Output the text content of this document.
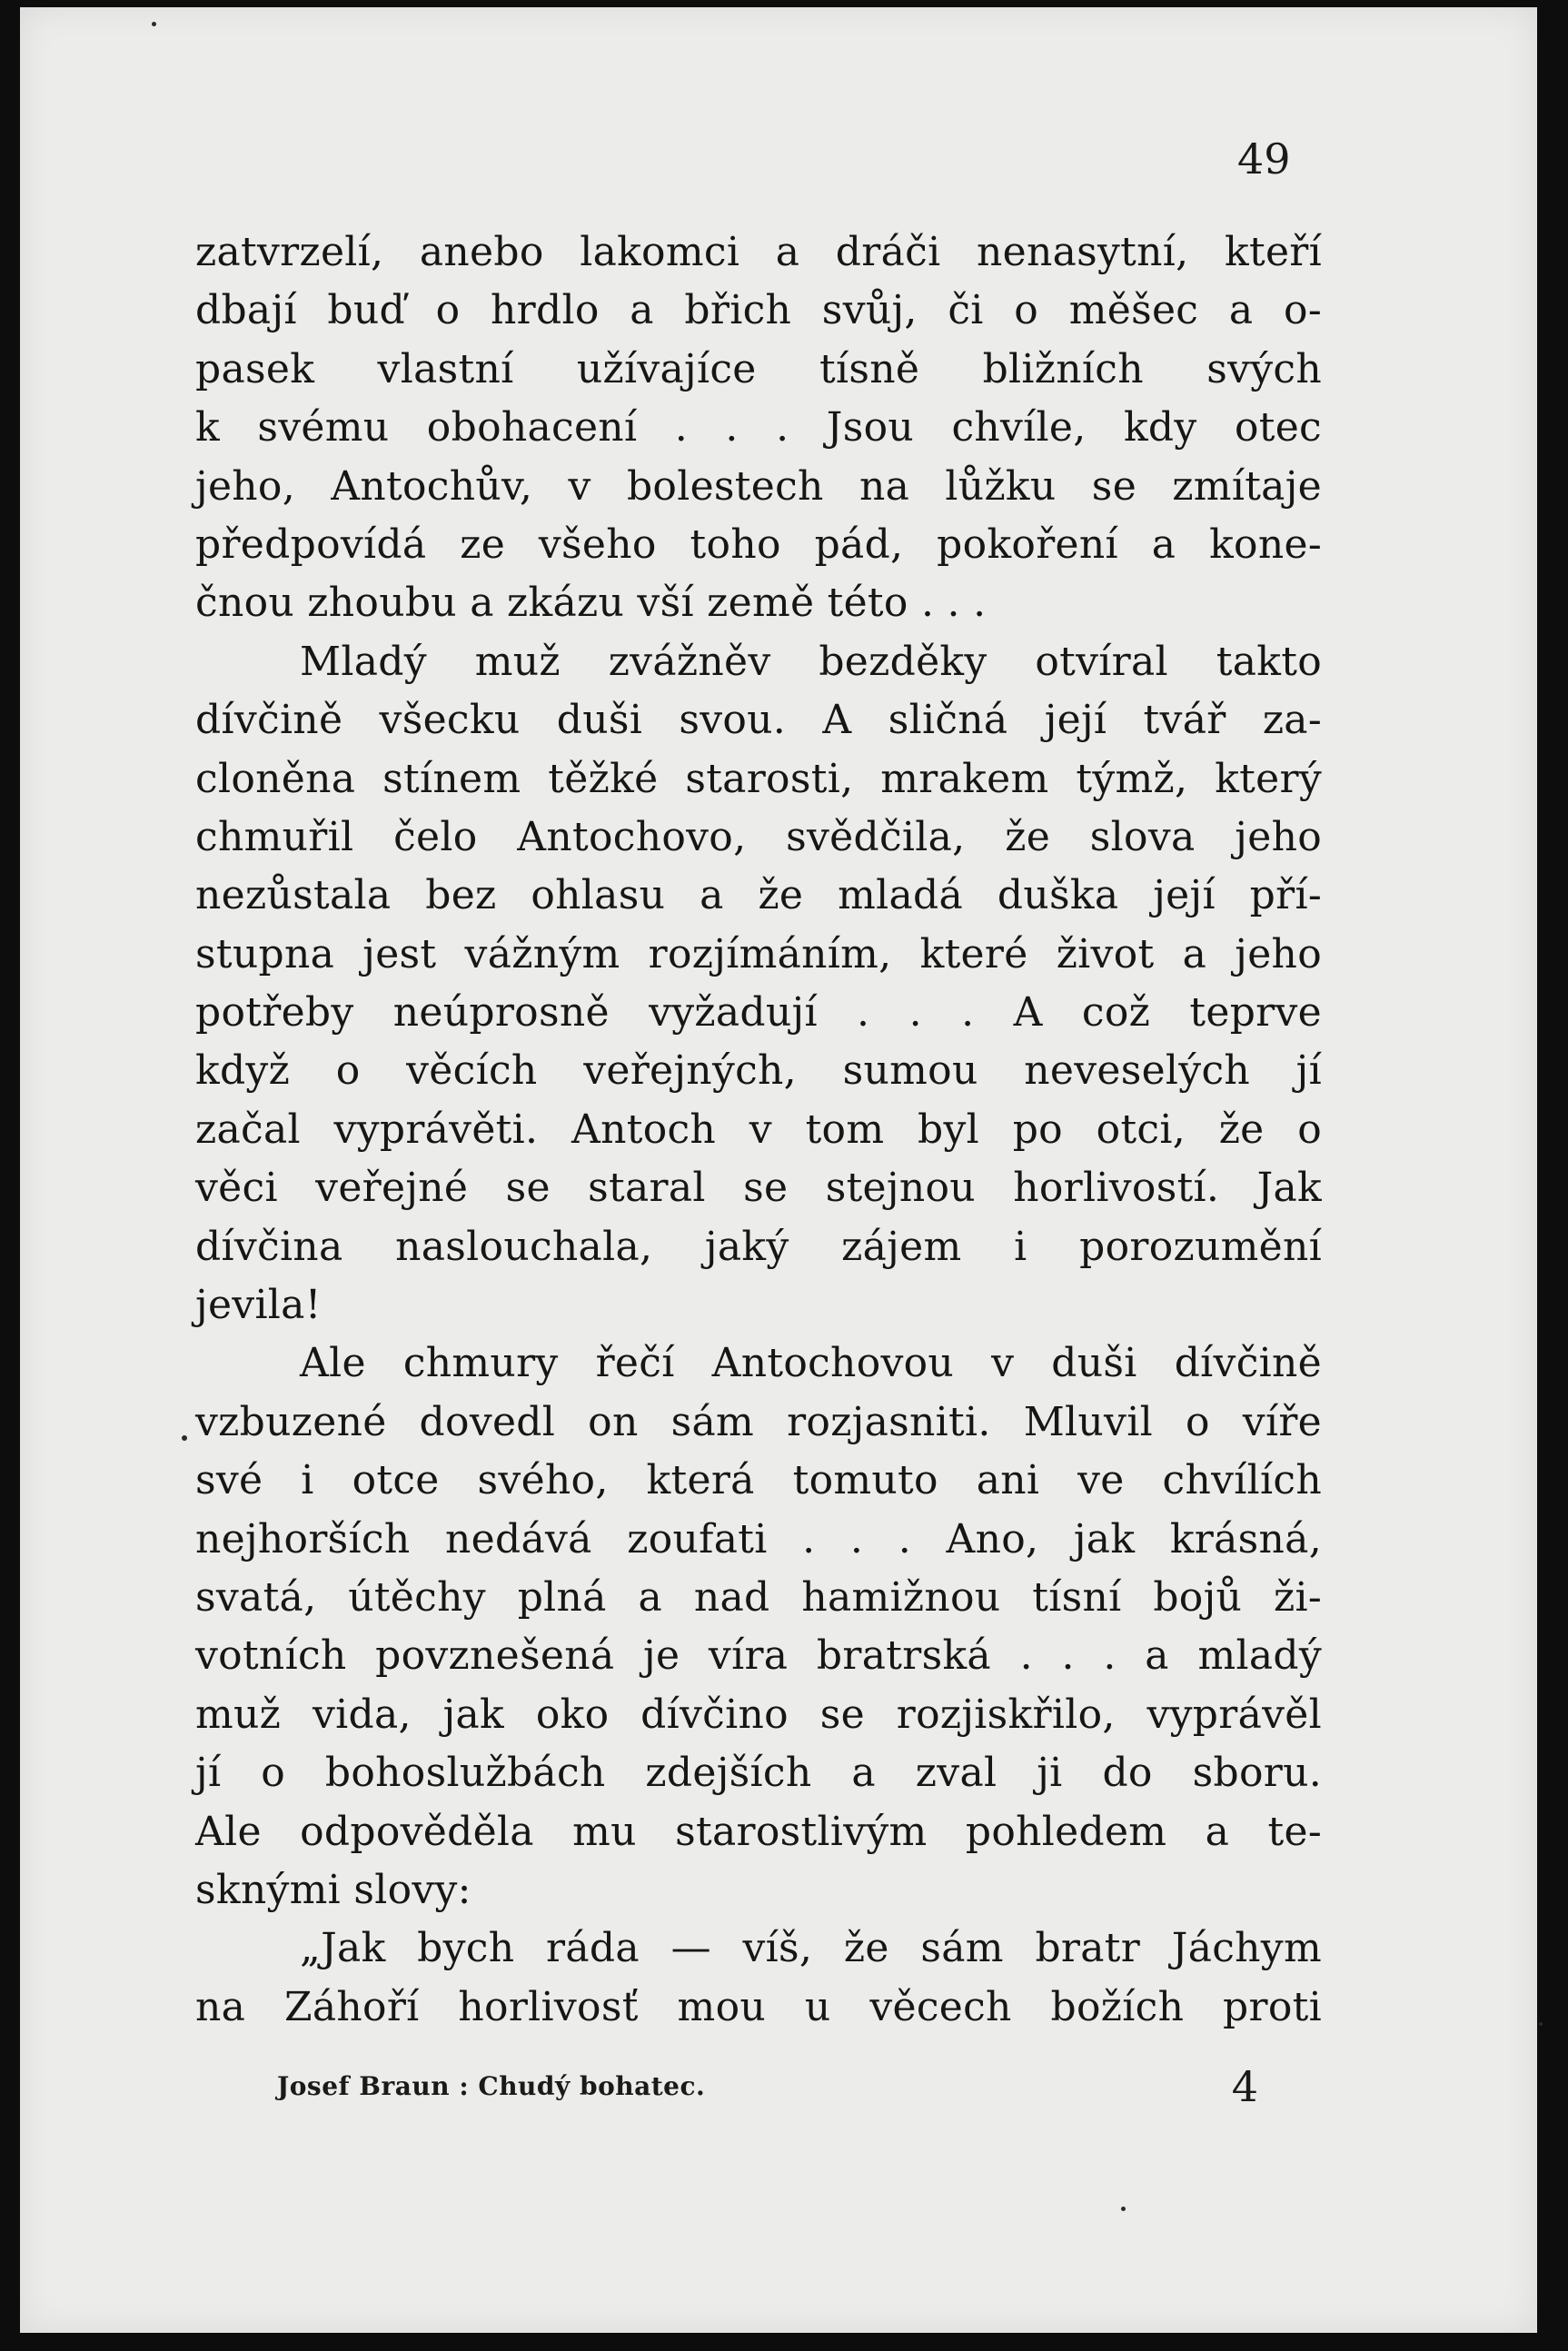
49
zatvrzelí, anebo lakomci a dráči nenasytní, kteří
dbají buď o hrdlo a břich svůj, či o měšec a o-
pasek vlastní užívajíce tísně bližních svých
k svému obohacení . . . Jsou chvíle, kdy otec
jeho, Antochův, v bolestech na lůžku se zmítaje
předpovídá ze všeho toho pád, pokoření a kone-
čnou zhoubu a zkázu vší země této . . .
Mladý muž zvážněv bezděky otvíral takto
dívčině všecku duši svou. A sličná její tvář za-
cloněna stínem těžké starosti, mrakem týmž, který
chmuřil čelo Antochovo, svědčila, že slova jeho
nezůstala bez ohlasu a že mladá duška její pří-
stupna jest vážným rozjímáním, které život a jeho
potřeby neúprosně vyžadují . . . A což teprve
když o věcích veřejných, sumou neveselých jí
začal vyprávěti. Antoch v tom byl po otci, že o
věci veřejné se staral se stejnou horlivostí. Jak
dívčina naslouchala, jaký zájem i porozumění
jevila!
Ale chmury řečí Antochovou v duši dívčině
vzbuzené dovedl on sám rozjasniti. Mluvil o víře
své i otce svého, která tomuto ani ve chvílích
nejhorších nedává zoufati . . . Ano, jak krásná,
svatá, útěchy plná a nad hamižnou tísní bojů ži-
votních povznešená je víra bratrská . . . a mladý
muž vida, jak oko dívčino se rozjiskřilo, vyprávěl
jí o bohoslužbách zdejších a zval ji do sboru.
Ale odpověděla mu starostlivým pohledem a te-
sknými slovy:
„Jak bych ráda — víš, že sám bratr Jáchym
na Záhoří horlivosť mou u věcech božích proti
Josef Braun : Chudý bohatec.	4
